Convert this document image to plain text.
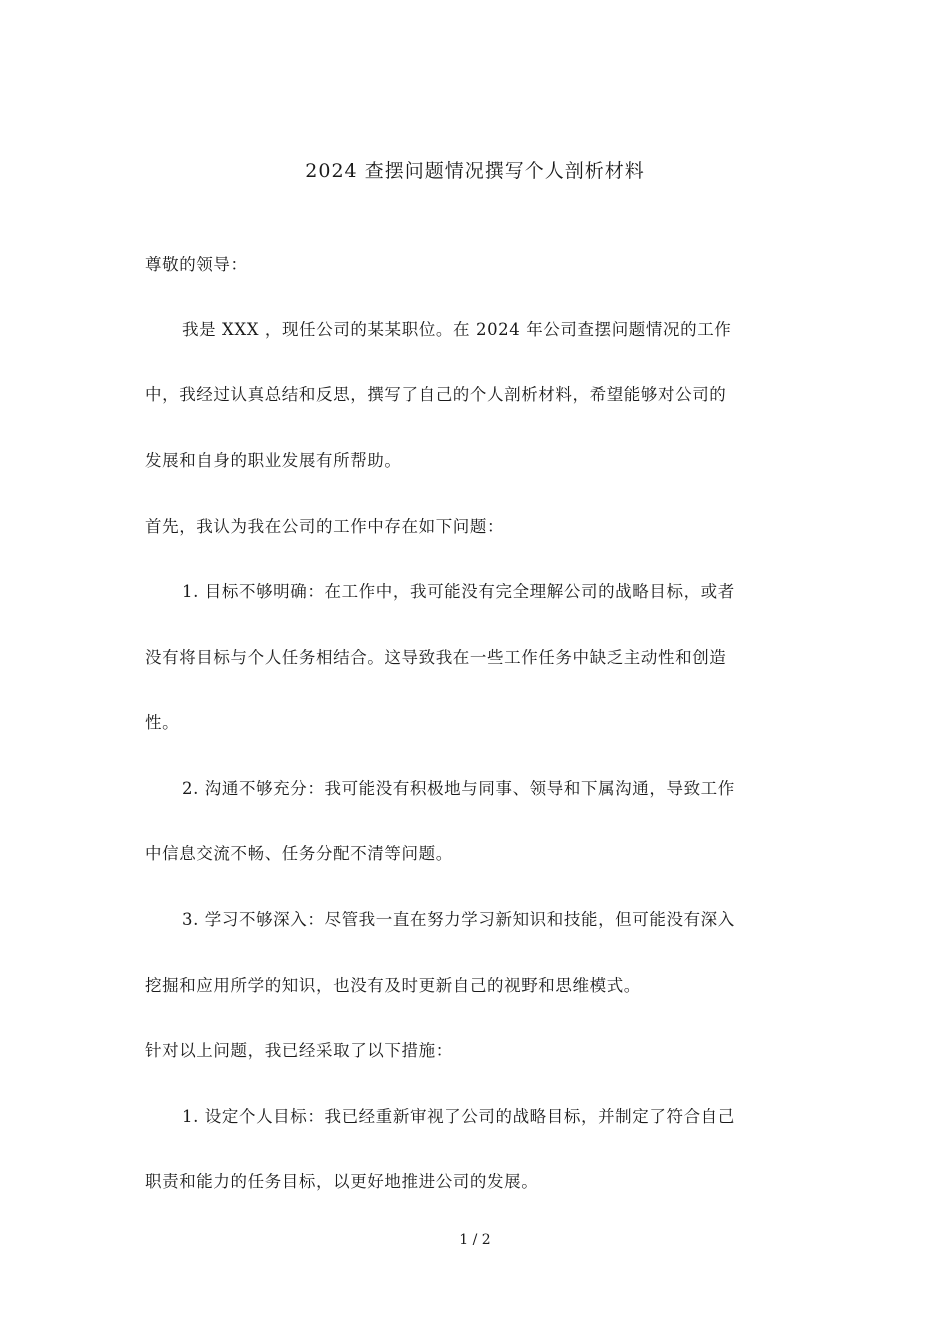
2024 查摆问题情况撰写个人剖析材料
尊敬的领导：
我是 XXX ，现任公司的某某职位。在 2024 年公司查摆问题情况的工作
中，我经过认真总结和反思，撰写了自己的个人剖析材料，希望能够对公司的
发展和自身的职业发展有所帮助。
首先，我认为我在公司的工作中存在如下问题：
1. 目标不够明确：在工作中，我可能没有完全理解公司的战略目标，或者
没有将目标与个人任务相结合。这导致我在一些工作任务中缺乏主动性和创造
性。
2. 沟通不够充分：我可能没有积极地与同事、领导和下属沟通，导致工作
中信息交流不畅、任务分配不清等问题。
3. 学习不够深入：尽管我一直在努力学习新知识和技能，但可能没有深入
挖掘和应用所学的知识，也没有及时更新自己的视野和思维模式。
针对以上问题，我已经采取了以下措施：
1. 设定个人目标：我已经重新审视了公司的战略目标，并制定了符合自己
职责和能力的任务目标，以更好地推进公司的发展。
1 / 2
